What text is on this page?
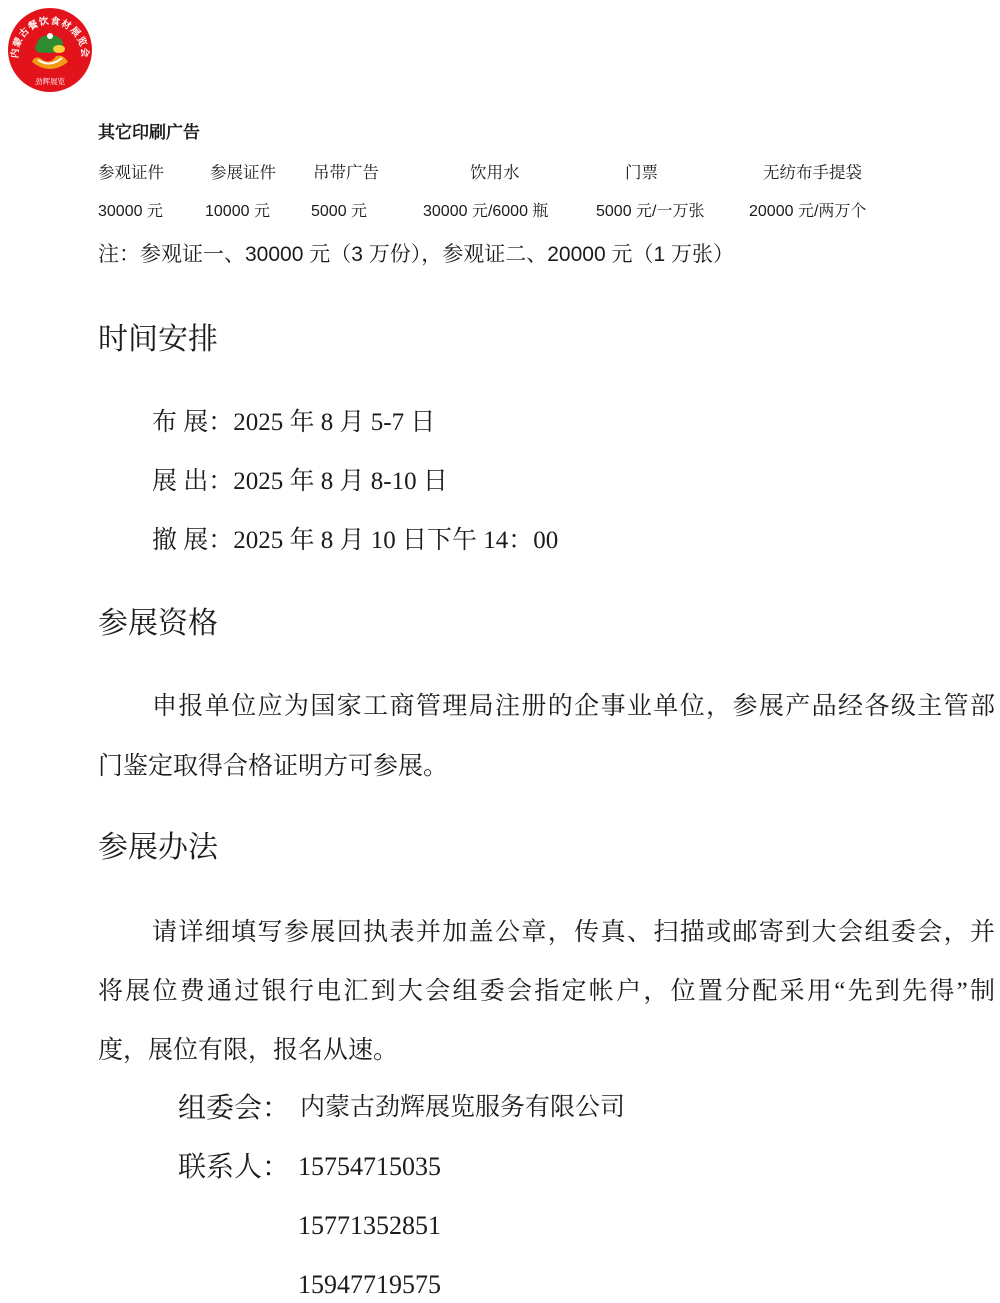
内蒙古餐饮食材展览会
劲辉展览
其它印刷广告
参观证件	参展证件 吊带广告	饮用水	门票	无纺布手提袋
30000 元	10000 元	5000 元	30000 元/6000 瓶	5000 元/一万张	20000 元/两万个
注：参观证一、30000 元（3 万份），参观证二、20000 元（1 万张）
时间安排
布 展：2025 年 8 月 5-7 日
展 出：2025 年 8 月 8-10 日
撤 展：2025 年 8 月 10 日下午 14：00
参展资格
申报单位应为国家工商管理局注册的企事业单位，参展产品经各级主管部
门鉴定取得合格证明方可参展。
参展办法
请详细填写参展回执表并加盖公章，传真、扫描或邮寄到大会组委会，并
将展位费通过银行电汇到大会组委会指定帐户，位置分配采用“先到先得”制
度，展位有限，报名从速。
组委会： 内蒙古劲辉展览服务有限公司
联系人： 15754715035
15771352851
15947719575
